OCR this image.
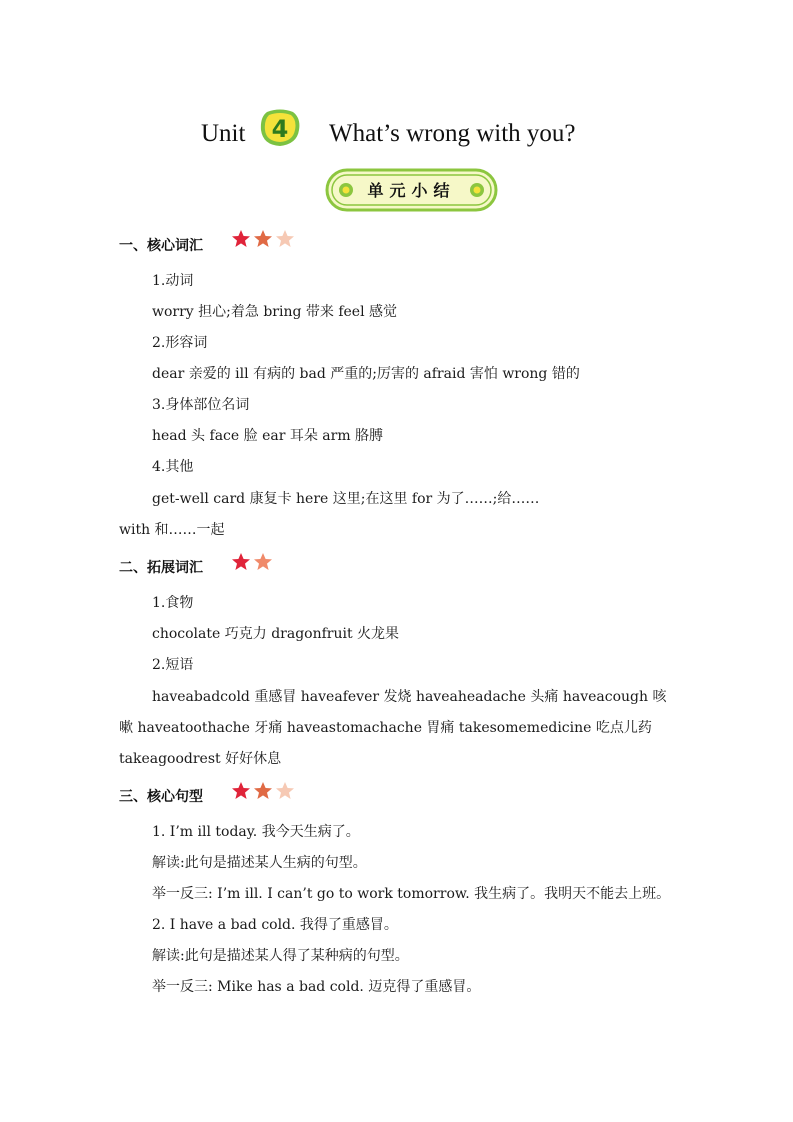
Unit 4 What’s wrong with you?
单元小结
一、核心词汇
1.动词
worry 担心;着急 bring 带来 feel 感觉
2.形容词
dear 亲爱的 ill 有病的 bad 严重的;厉害的 afraid 害怕 wrong 错的
3.身体部位名词
head 头 face 脸 ear 耳朵 arm 胳膊
4.其他
get-well card 康复卡 here 这里;在这里 for 为了……;给……
with 和……一起
二、拓展词汇
1.食物
chocolate 巧克力 dragonfruit 火龙果
2.短语
haveabadcold 重感冒 haveafever 发烧 haveaheadache 头痛 haveacough 咳
嗽 haveatoothache 牙痛 haveastomachache 胃痛 takesomemedicine 吃点儿药
takeagoodrest 好好休息
三、核心句型
1. I’m ill today. 我今天生病了。
解读:此句是描述某人生病的句型。
举一反三: I’m ill. I can’t go to work tomorrow. 我生病了。我明天不能去上班。
2. I have a bad cold. 我得了重感冒。
解读:此句是描述某人得了某种病的句型。
举一反三: Mike has a bad cold. 迈克得了重感冒。
